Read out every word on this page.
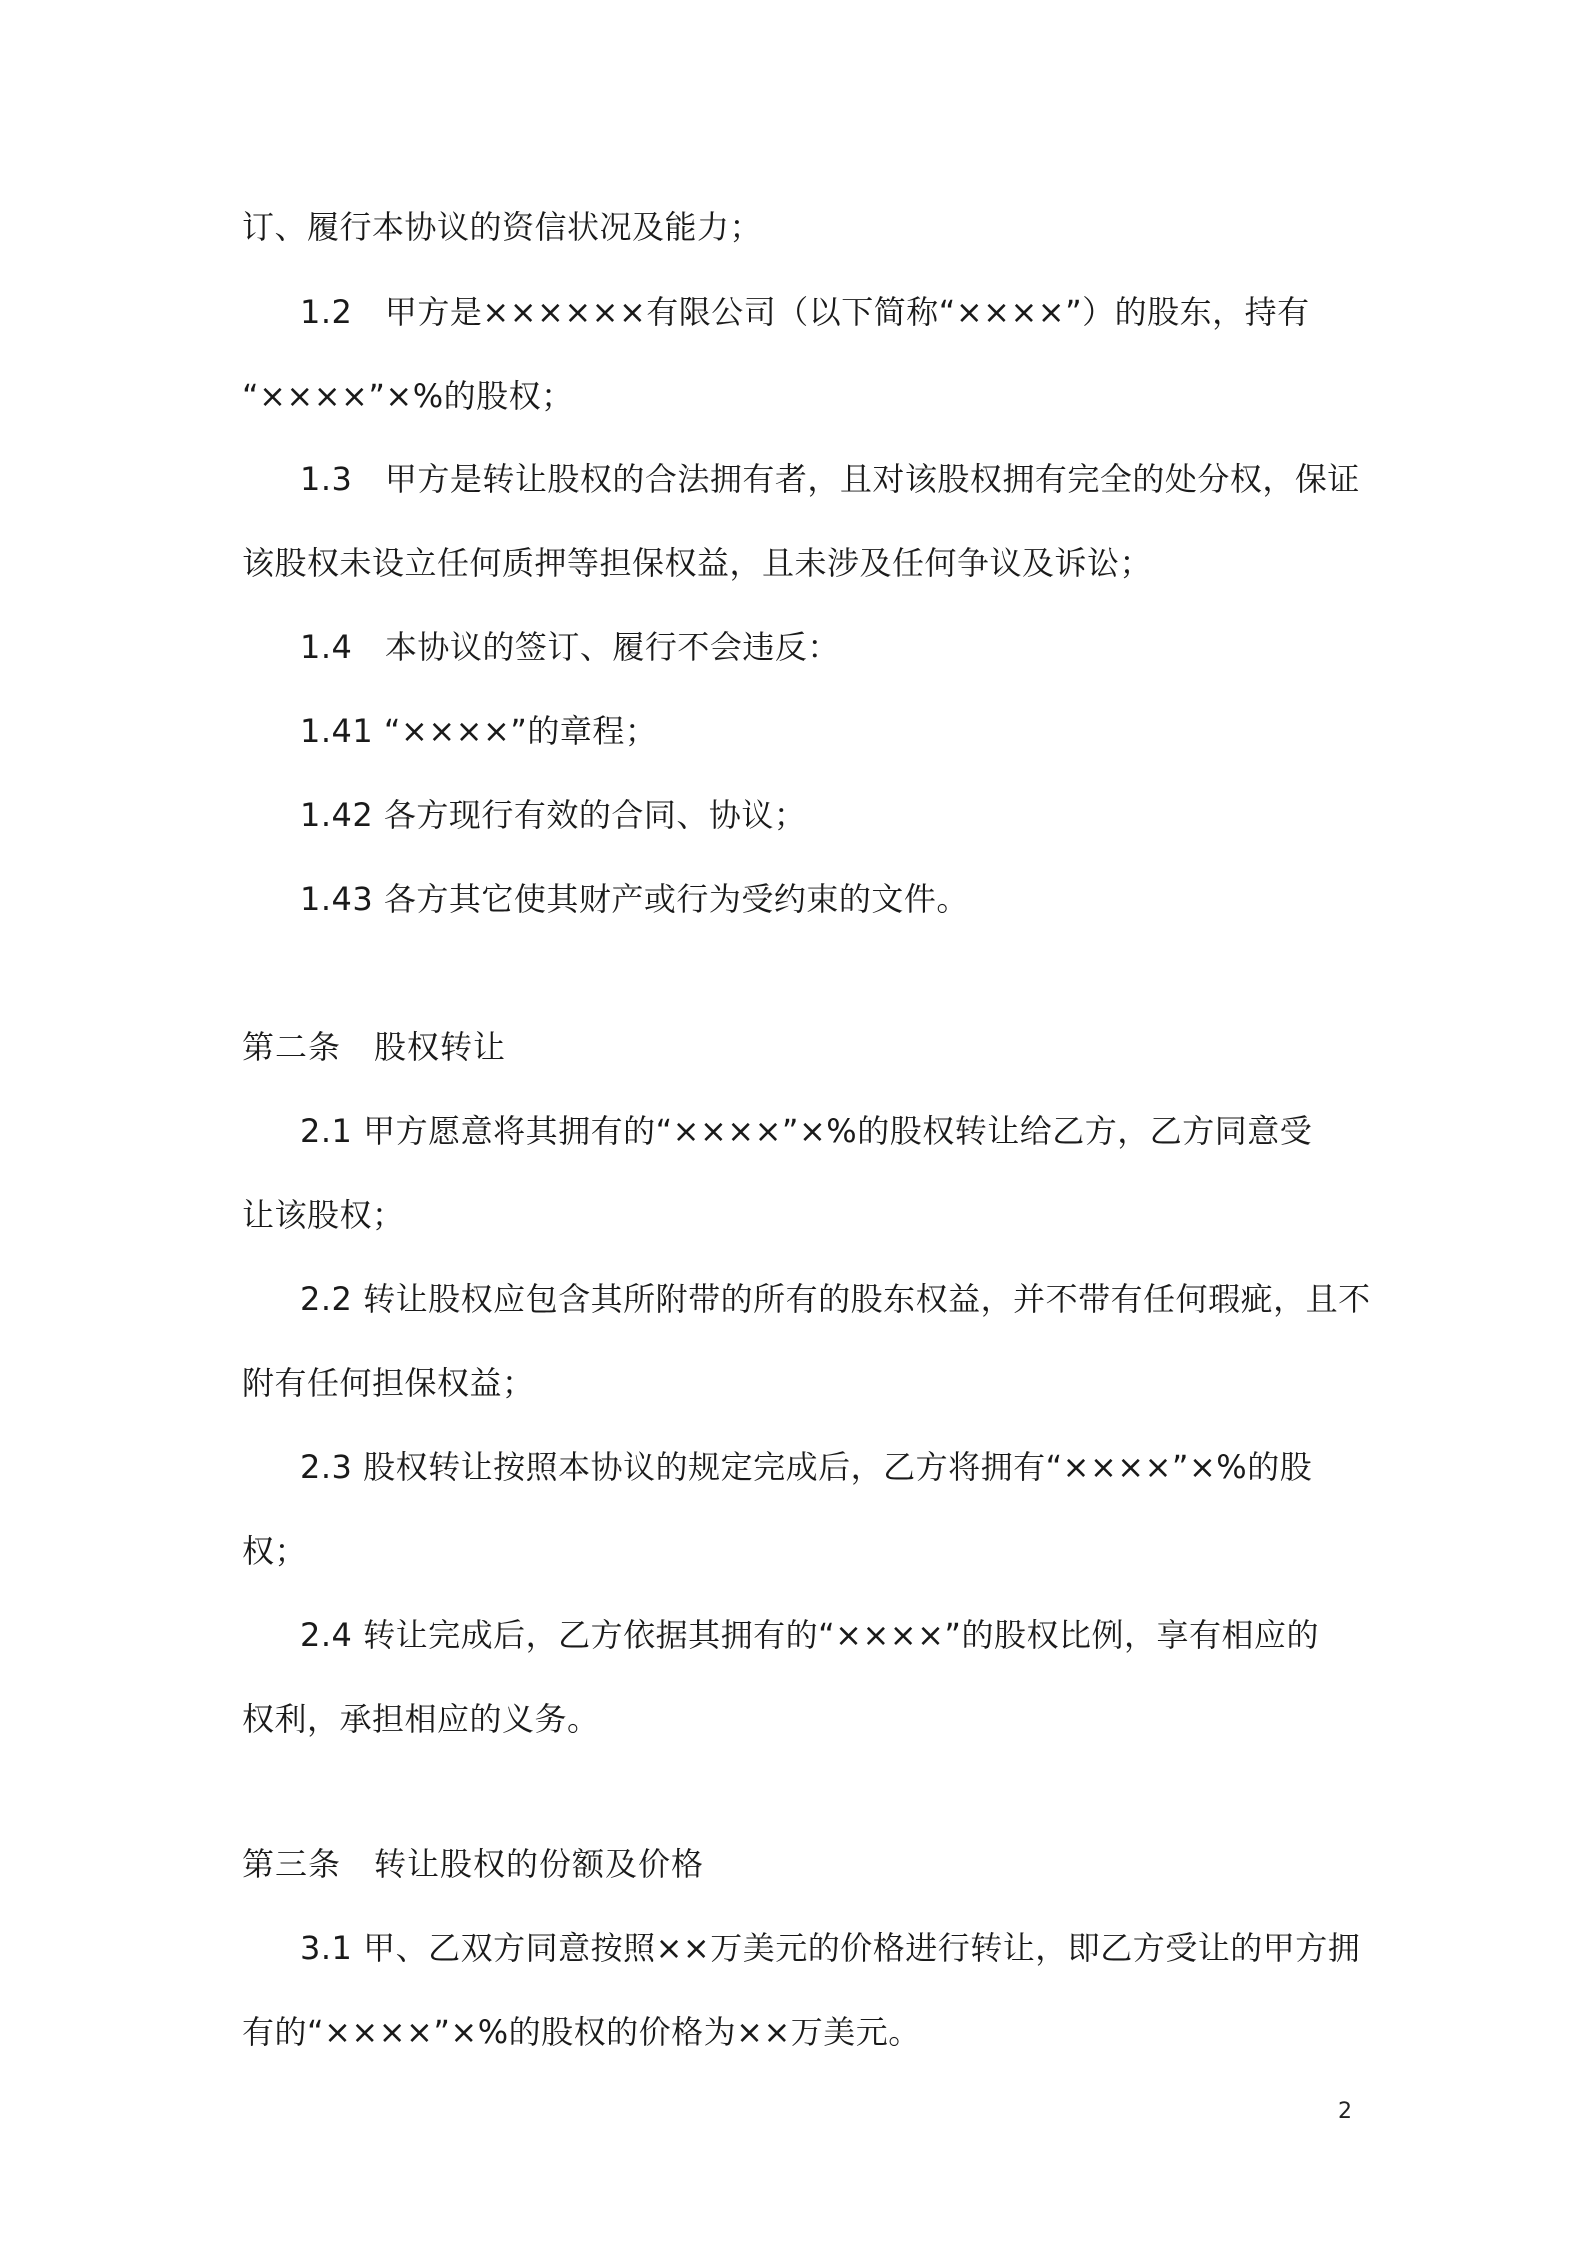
订、履行本协议的资信状况及能力；
1.2　甲方是××××××有限公司（以下简称“××××”）的股东，持有
“××××”×%的股权；
1.3　甲方是转让股权的合法拥有者，且对该股权拥有完全的处分权，保证
该股权未设立任何质押等担保权益，且未涉及任何争议及诉讼；
1.4　本协议的签订、履行不会违反：
1.41 “××××”的章程；
1.42 各方现行有效的合同、协议；
1.43 各方其它使其财产或行为受约束的文件。
第二条　股权转让
2.1 甲方愿意将其拥有的“××××”×%的股权转让给乙方，乙方同意受
让该股权；
2.2 转让股权应包含其所附带的所有的股东权益，并不带有任何瑕疵，且不
附有任何担保权益；
2.3 股权转让按照本协议的规定完成后，乙方将拥有“××××”×%的股
权；
2.4 转让完成后，乙方依据其拥有的“××××”的股权比例，享有相应的
权利，承担相应的义务。
第三条　转让股权的份额及价格
3.1 甲、乙双方同意按照××万美元的价格进行转让，即乙方受让的甲方拥
有的“××××”×%的股权的价格为××万美元。
2
